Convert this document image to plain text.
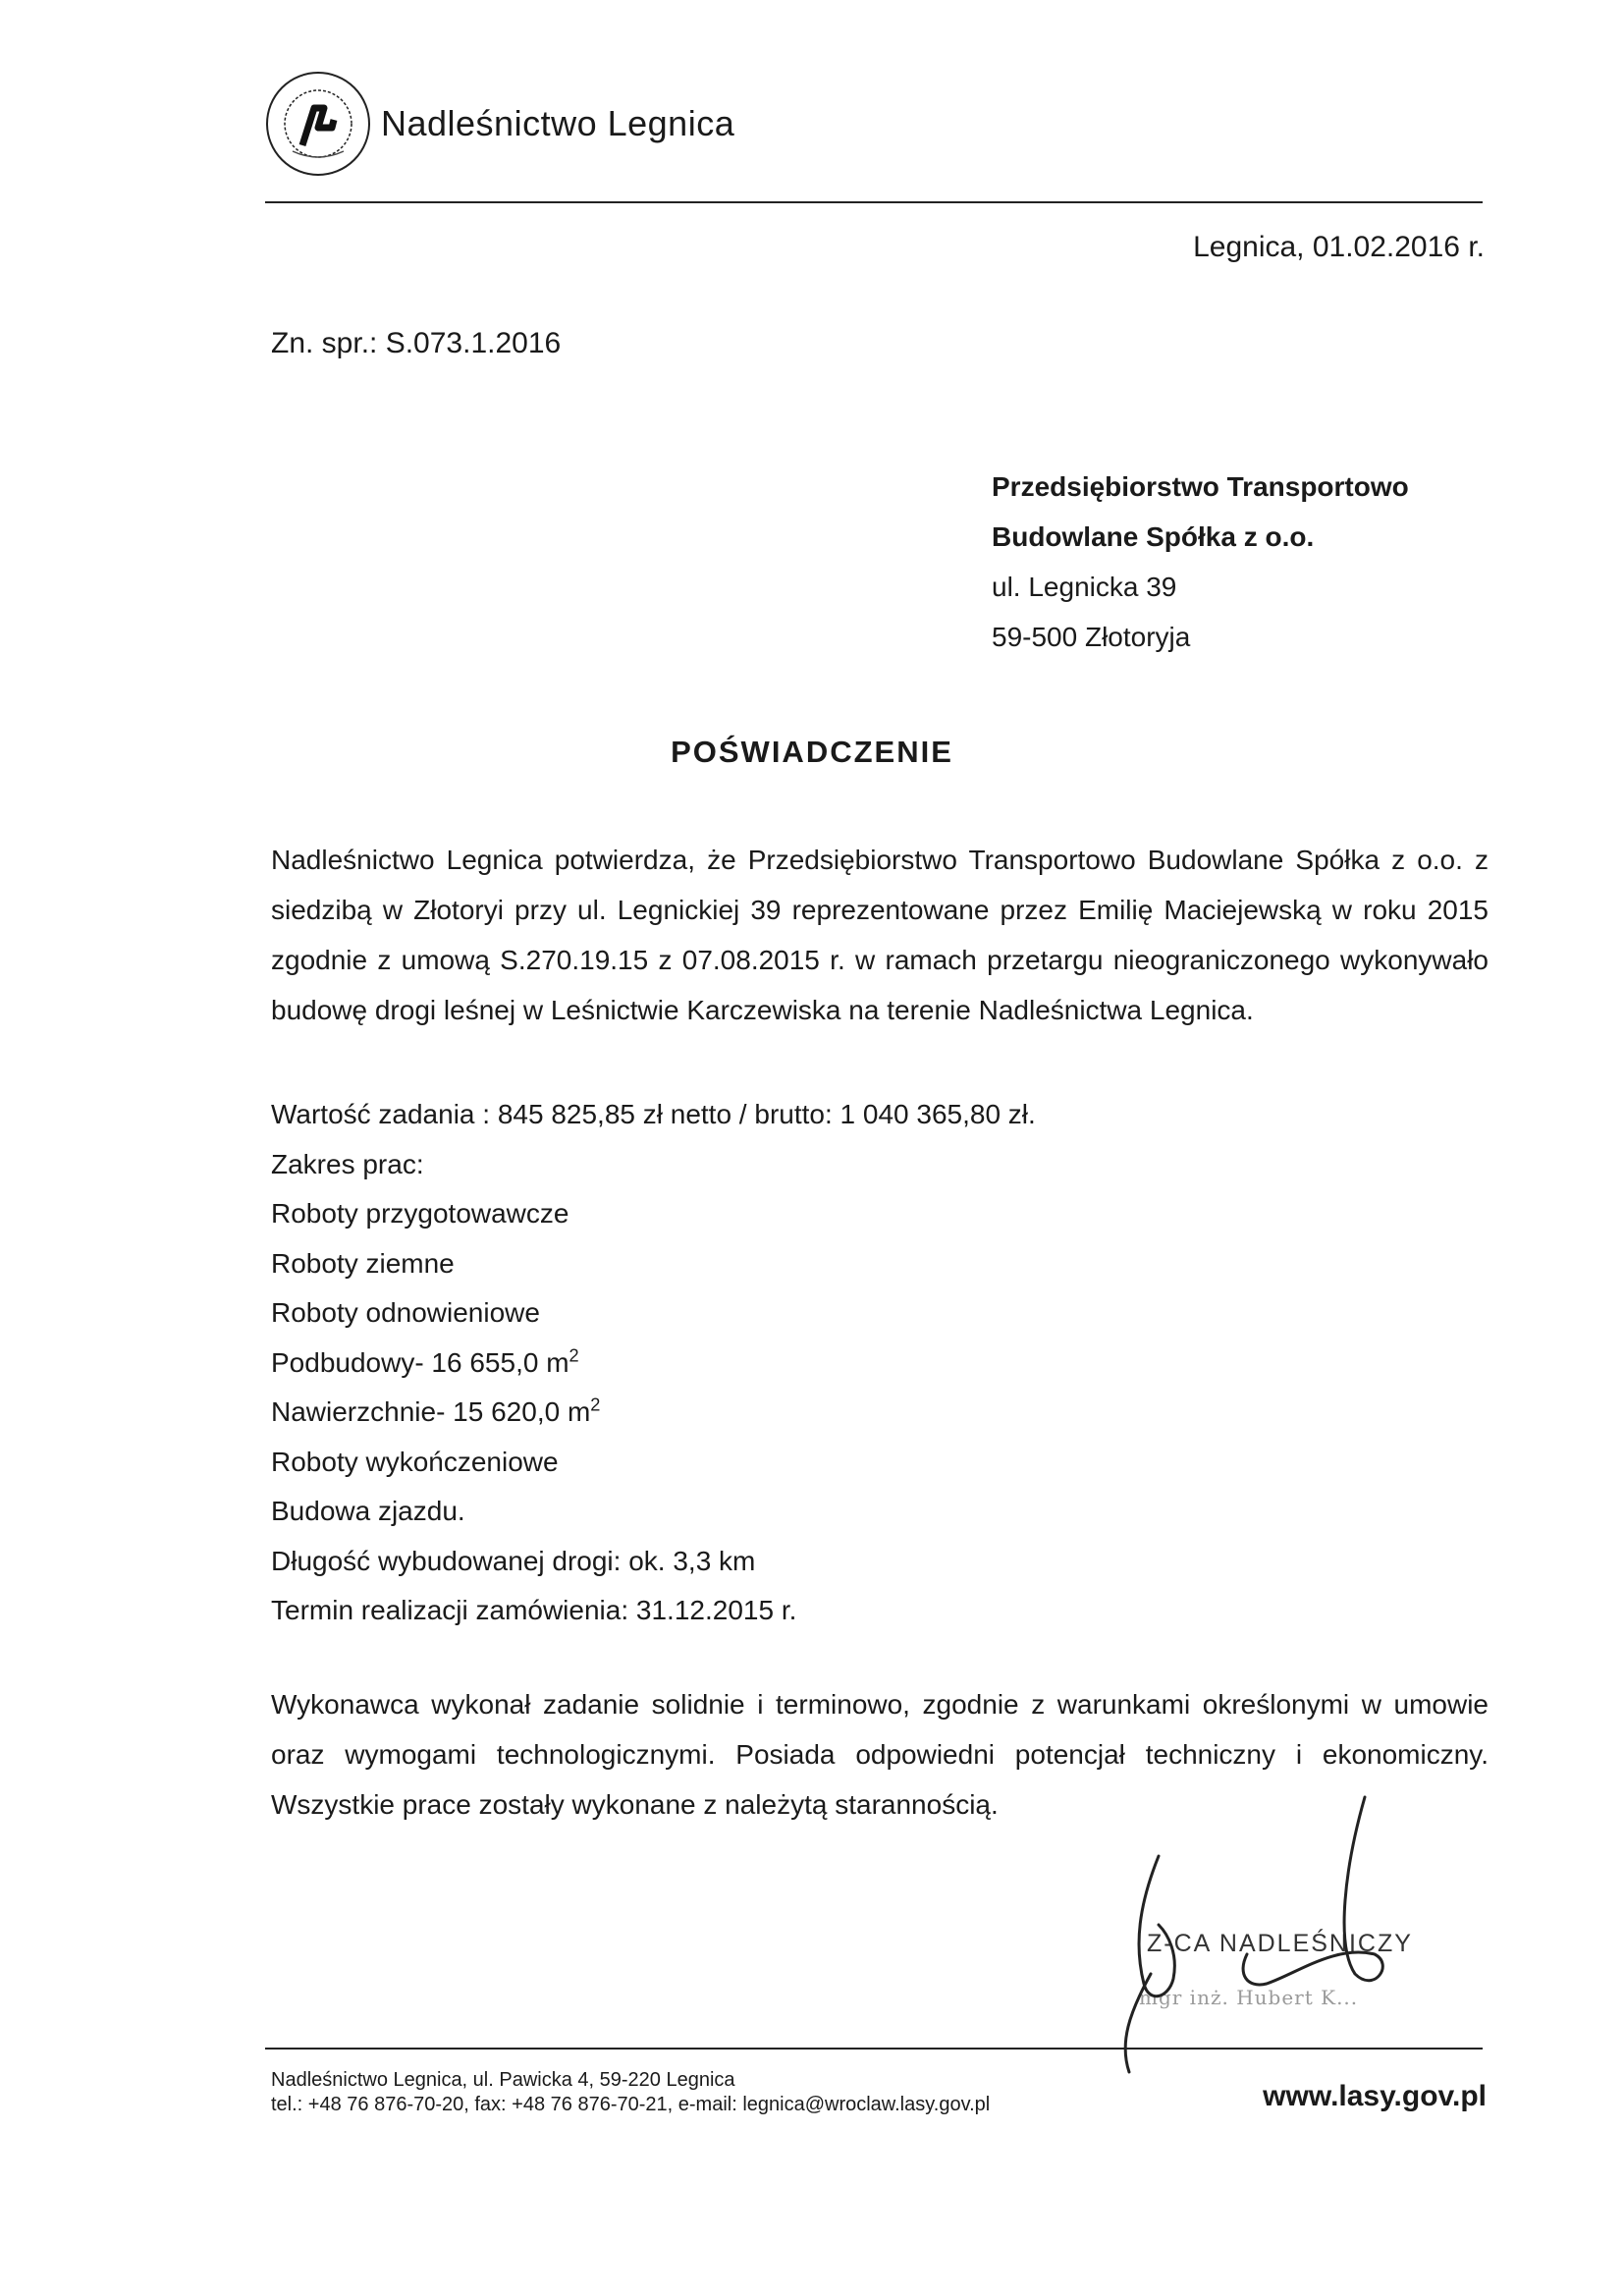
Nadleśnictwo Legnica
Legnica, 01.02.2016 r.
Zn. spr.: S.073.1.2016
Przedsiębiorstwo Transportowo
Budowlane Spółka z o.o.
ul. Legnicka 39
59-500 Złotoryja
POŚWIADCZENIE
Nadleśnictwo Legnica potwierdza, że Przedsiębiorstwo Transportowo Budowlane Spółka z o.o. z siedzibą w Złotoryi przy ul. Legnickiej 39 reprezentowane przez Emilię Maciejewską w roku 2015 zgodnie z umową S.270.19.15 z 07.08.2015 r. w ramach przetargu nieograniczonego wykonywało budowę drogi leśnej w Leśnictwie Karczewiska na terenie Nadleśnictwa Legnica.
Wartość zadania : 845 825,85 zł netto / brutto: 1 040 365,80 zł.
Zakres prac:
Roboty przygotowawcze
Roboty ziemne
Roboty odnowieniowe
Podbudowy- 16 655,0 $m^2$
Nawierzchnie- 15 620,0 $m^2$
Roboty wykończeniowe
Budowa zjazdu.
Długość wybudowanej drogi: ok. 3,3 km
Termin realizacji zamówienia: 31.12.2015 r.
Wykonawca wykonał zadanie solidnie i terminowo, zgodnie z warunkami określonymi w umowie oraz wymogami technologicznymi. Posiada odpowiedni potencjał techniczny i ekonomiczny. Wszystkie prace zostały wykonane z należytą starannością.
Z-CA NADLEŚNICZY
mgr inż. Hubert K...
Nadleśnictwo Legnica, ul. Pawicka 4, 59-220 Legnica
tel.: +48 76 876-70-20, fax: +48 76 876-70-21, e-mail: legnica@wroclaw.lasy.gov.pl	www.lasy.gov.pl
